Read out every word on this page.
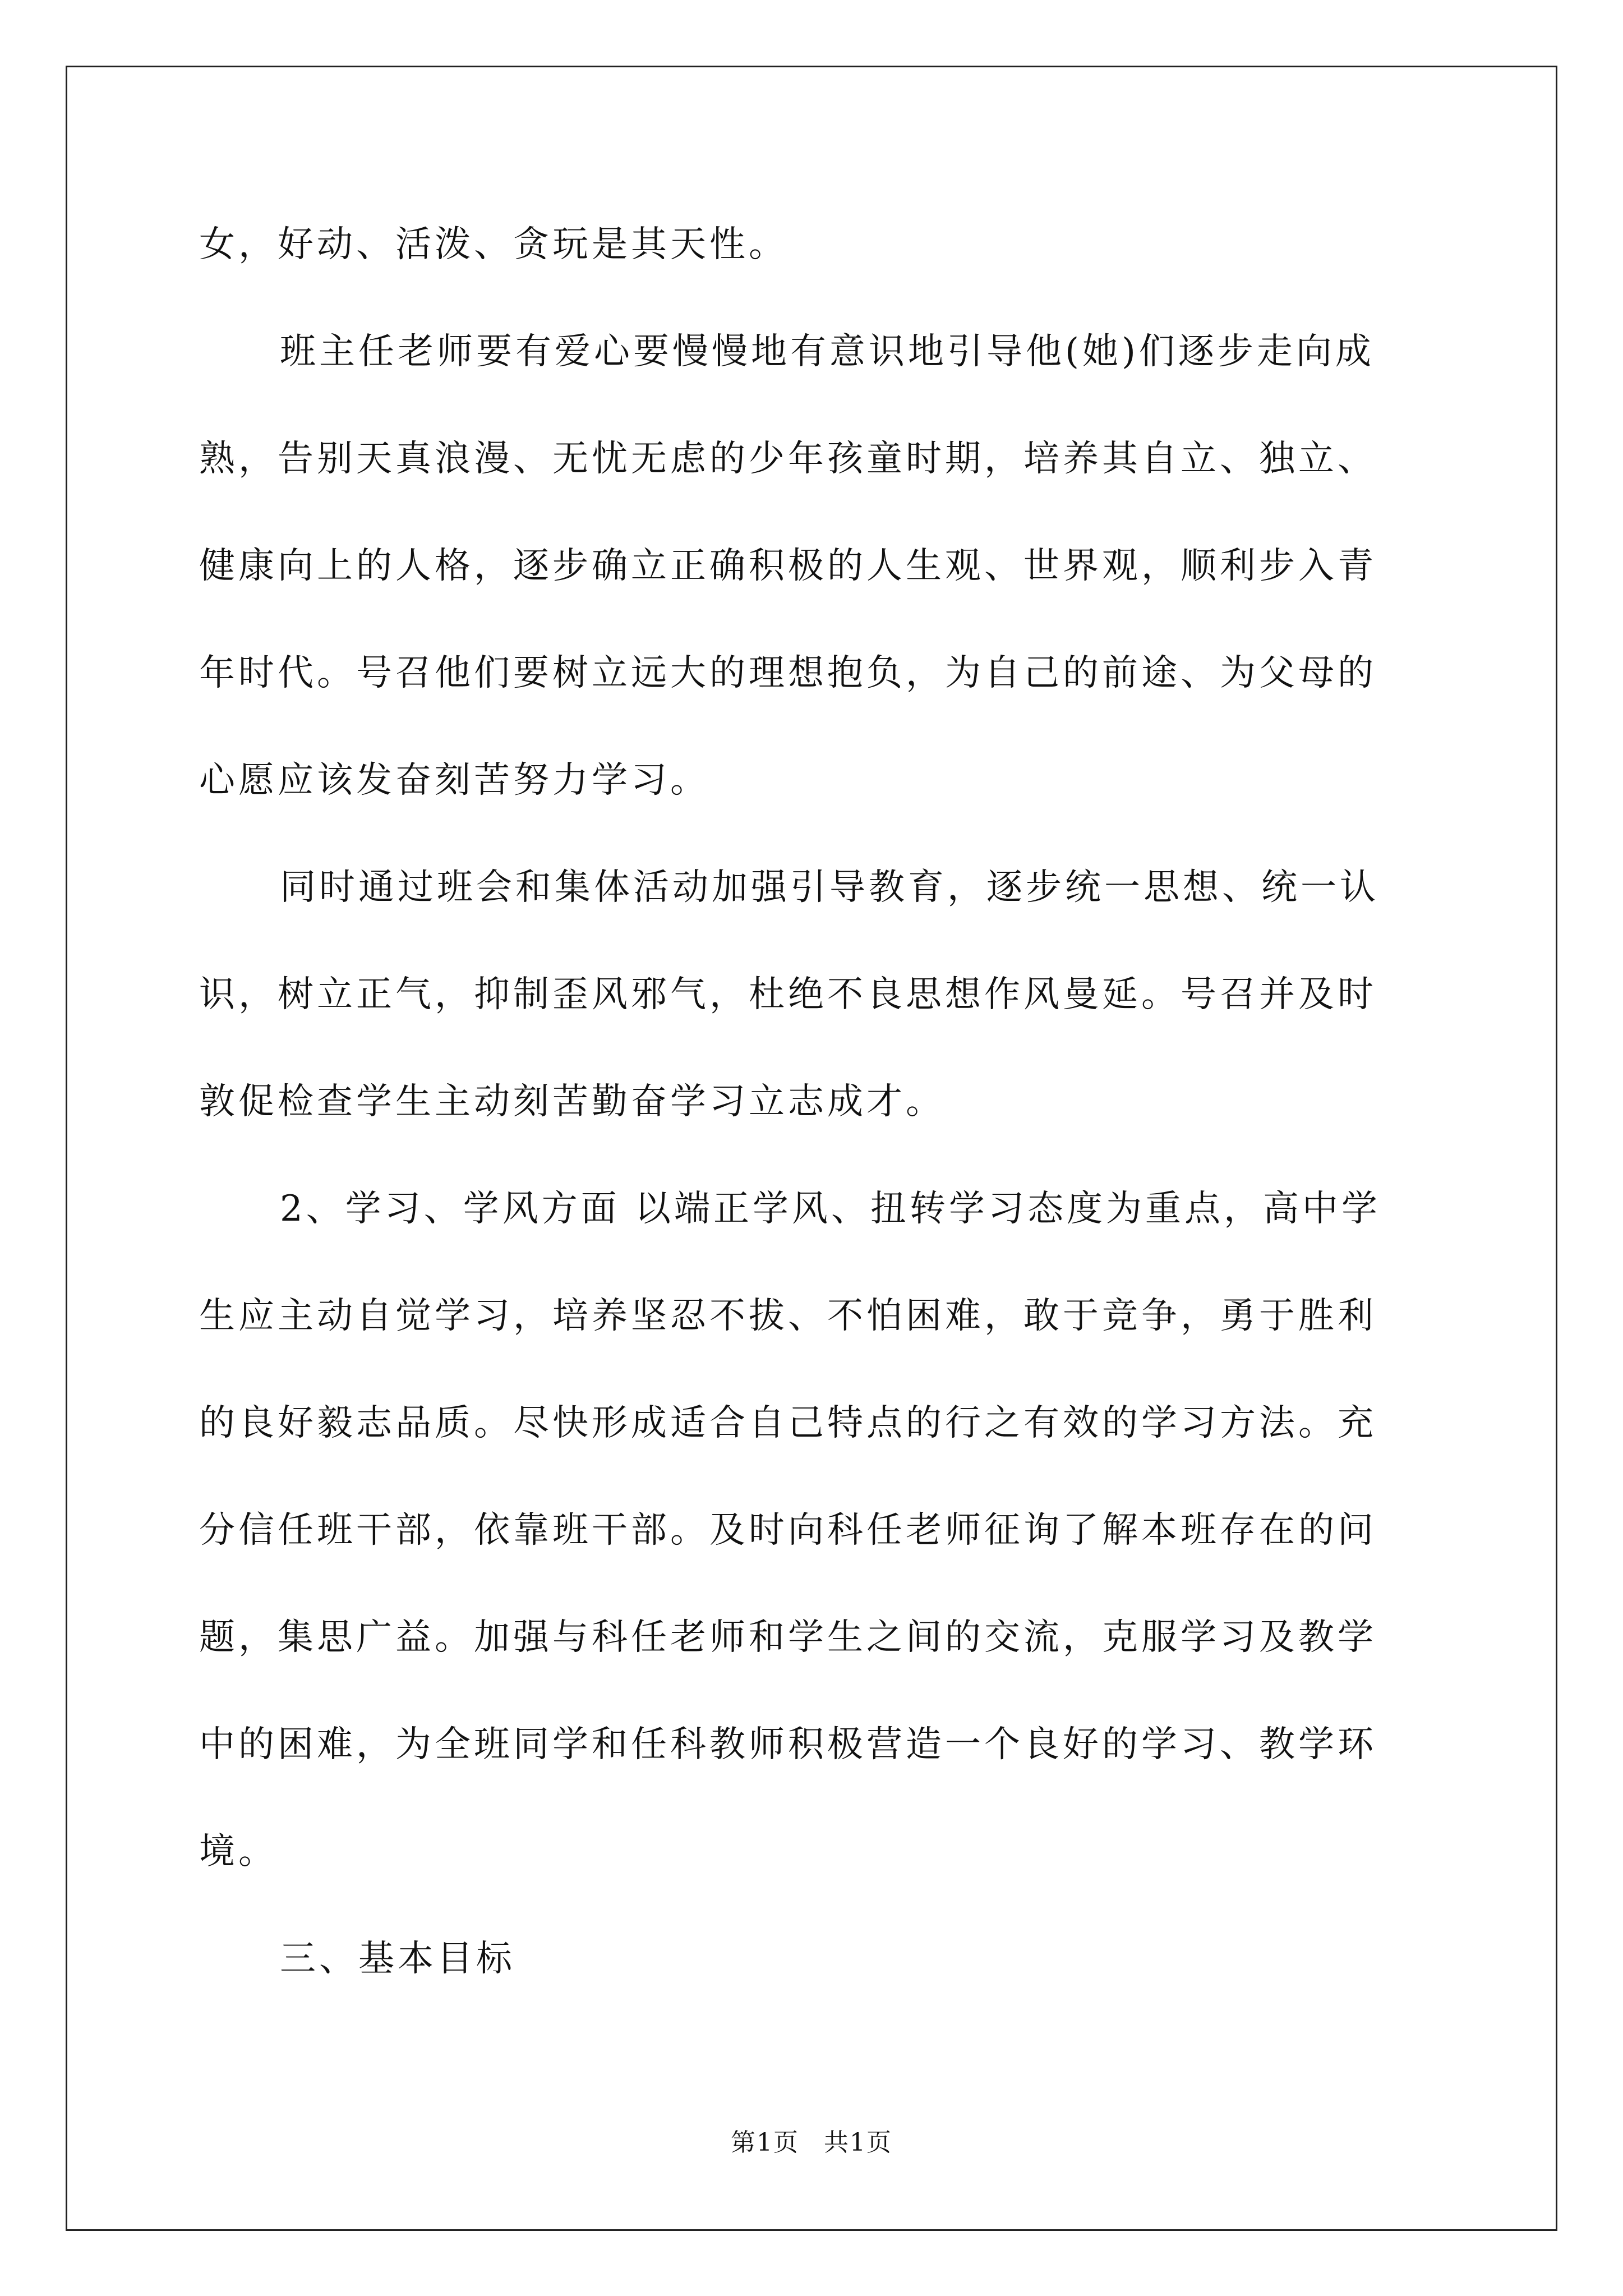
女，好动、活泼、贪玩是其天性。
班主任老师要有爱心要慢慢地有意识地引导他(她)们逐步走向成
熟，告别天真浪漫、无忧无虑的少年孩童时期，培养其自立、独立、
健康向上的人格，逐步确立正确积极的人生观、世界观，顺利步入青
年时代。号召他们要树立远大的理想抱负，为自己的前途、为父母的
心愿应该发奋刻苦努力学习。
同时通过班会和集体活动加强引导教育，逐步统一思想、统一认
识，树立正气，抑制歪风邪气，杜绝不良思想作风曼延。号召并及时
敦促检查学生主动刻苦勤奋学习立志成才。
2、学习、学风方面 以端正学风、扭转学习态度为重点，高中学
生应主动自觉学习，培养坚忍不拔、不怕困难，敢于竞争，勇于胜利
的良好毅志品质。尽快形成适合自己特点的行之有效的学习方法。充
分信任班干部，依靠班干部。及时向科任老师征询了解本班存在的问
题，集思广益。加强与科任老师和学生之间的交流，克服学习及教学
中的困难，为全班同学和任科教师积极营造一个良好的学习、教学环
境。
三、基本目标
第1页 共1页
